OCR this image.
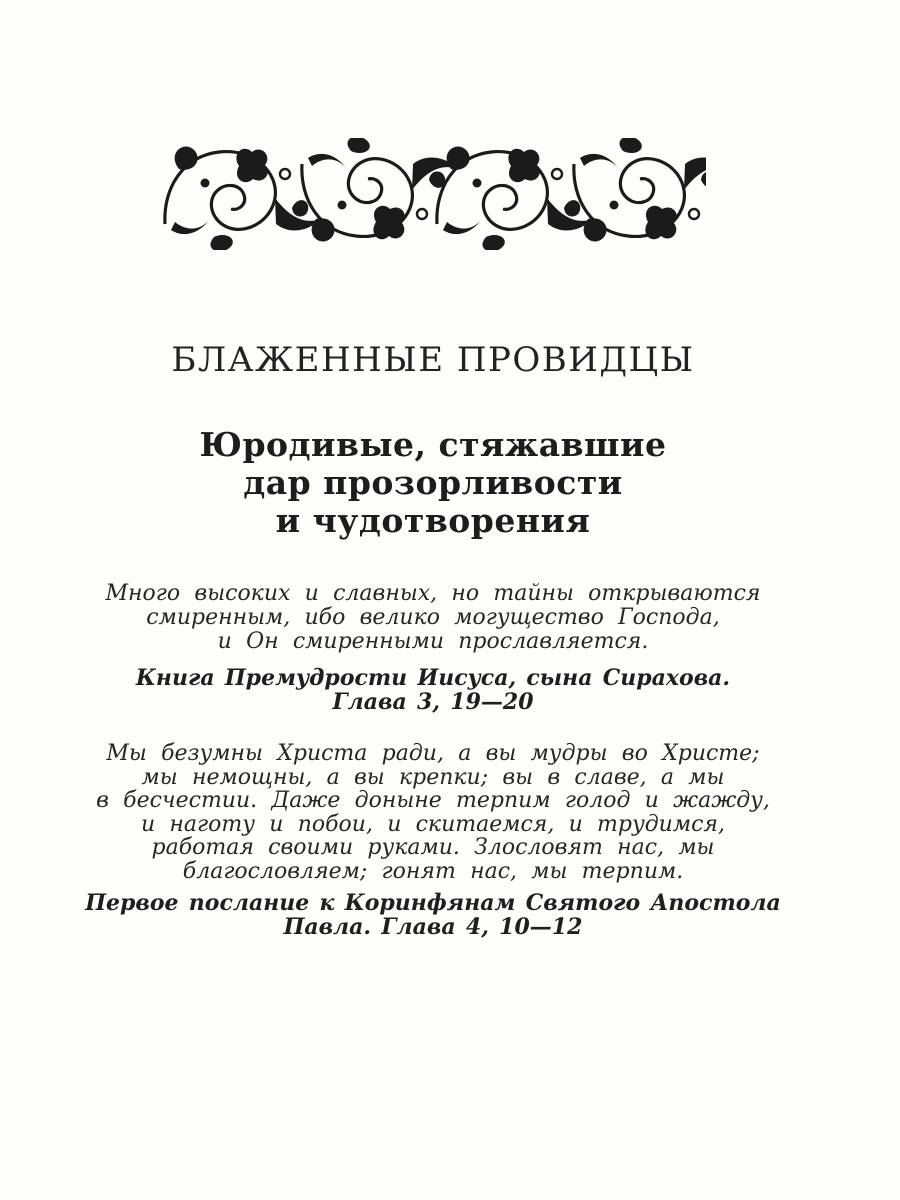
БЛАЖЕННЫЕ ПРОВИДЦЫ
Юродивые, стяжавшие
дар прозорливости
и чудотворения
Много высоких и славных, но тайны открываются
смиренным, ибо велико могущество Господа,
и Он смиренными прославляется.
Книга Премудрости Иисуса, сына Сирахова.
Глава 3, 19—20
Мы безумны Христа ради, а вы мудры во Христе;
мы немощны, а вы крепки; вы в славе, а мы
в бесчестии. Даже доныне терпим голод и жажду,
и наготу и побои, и скитаемся, и трудимся,
работая своими руками. Злословят нас, мы
благословляем; гонят нас, мы терпим.
Первое послание к Коринфянам Святого Апостола
Павла. Глава 4, 10—12
